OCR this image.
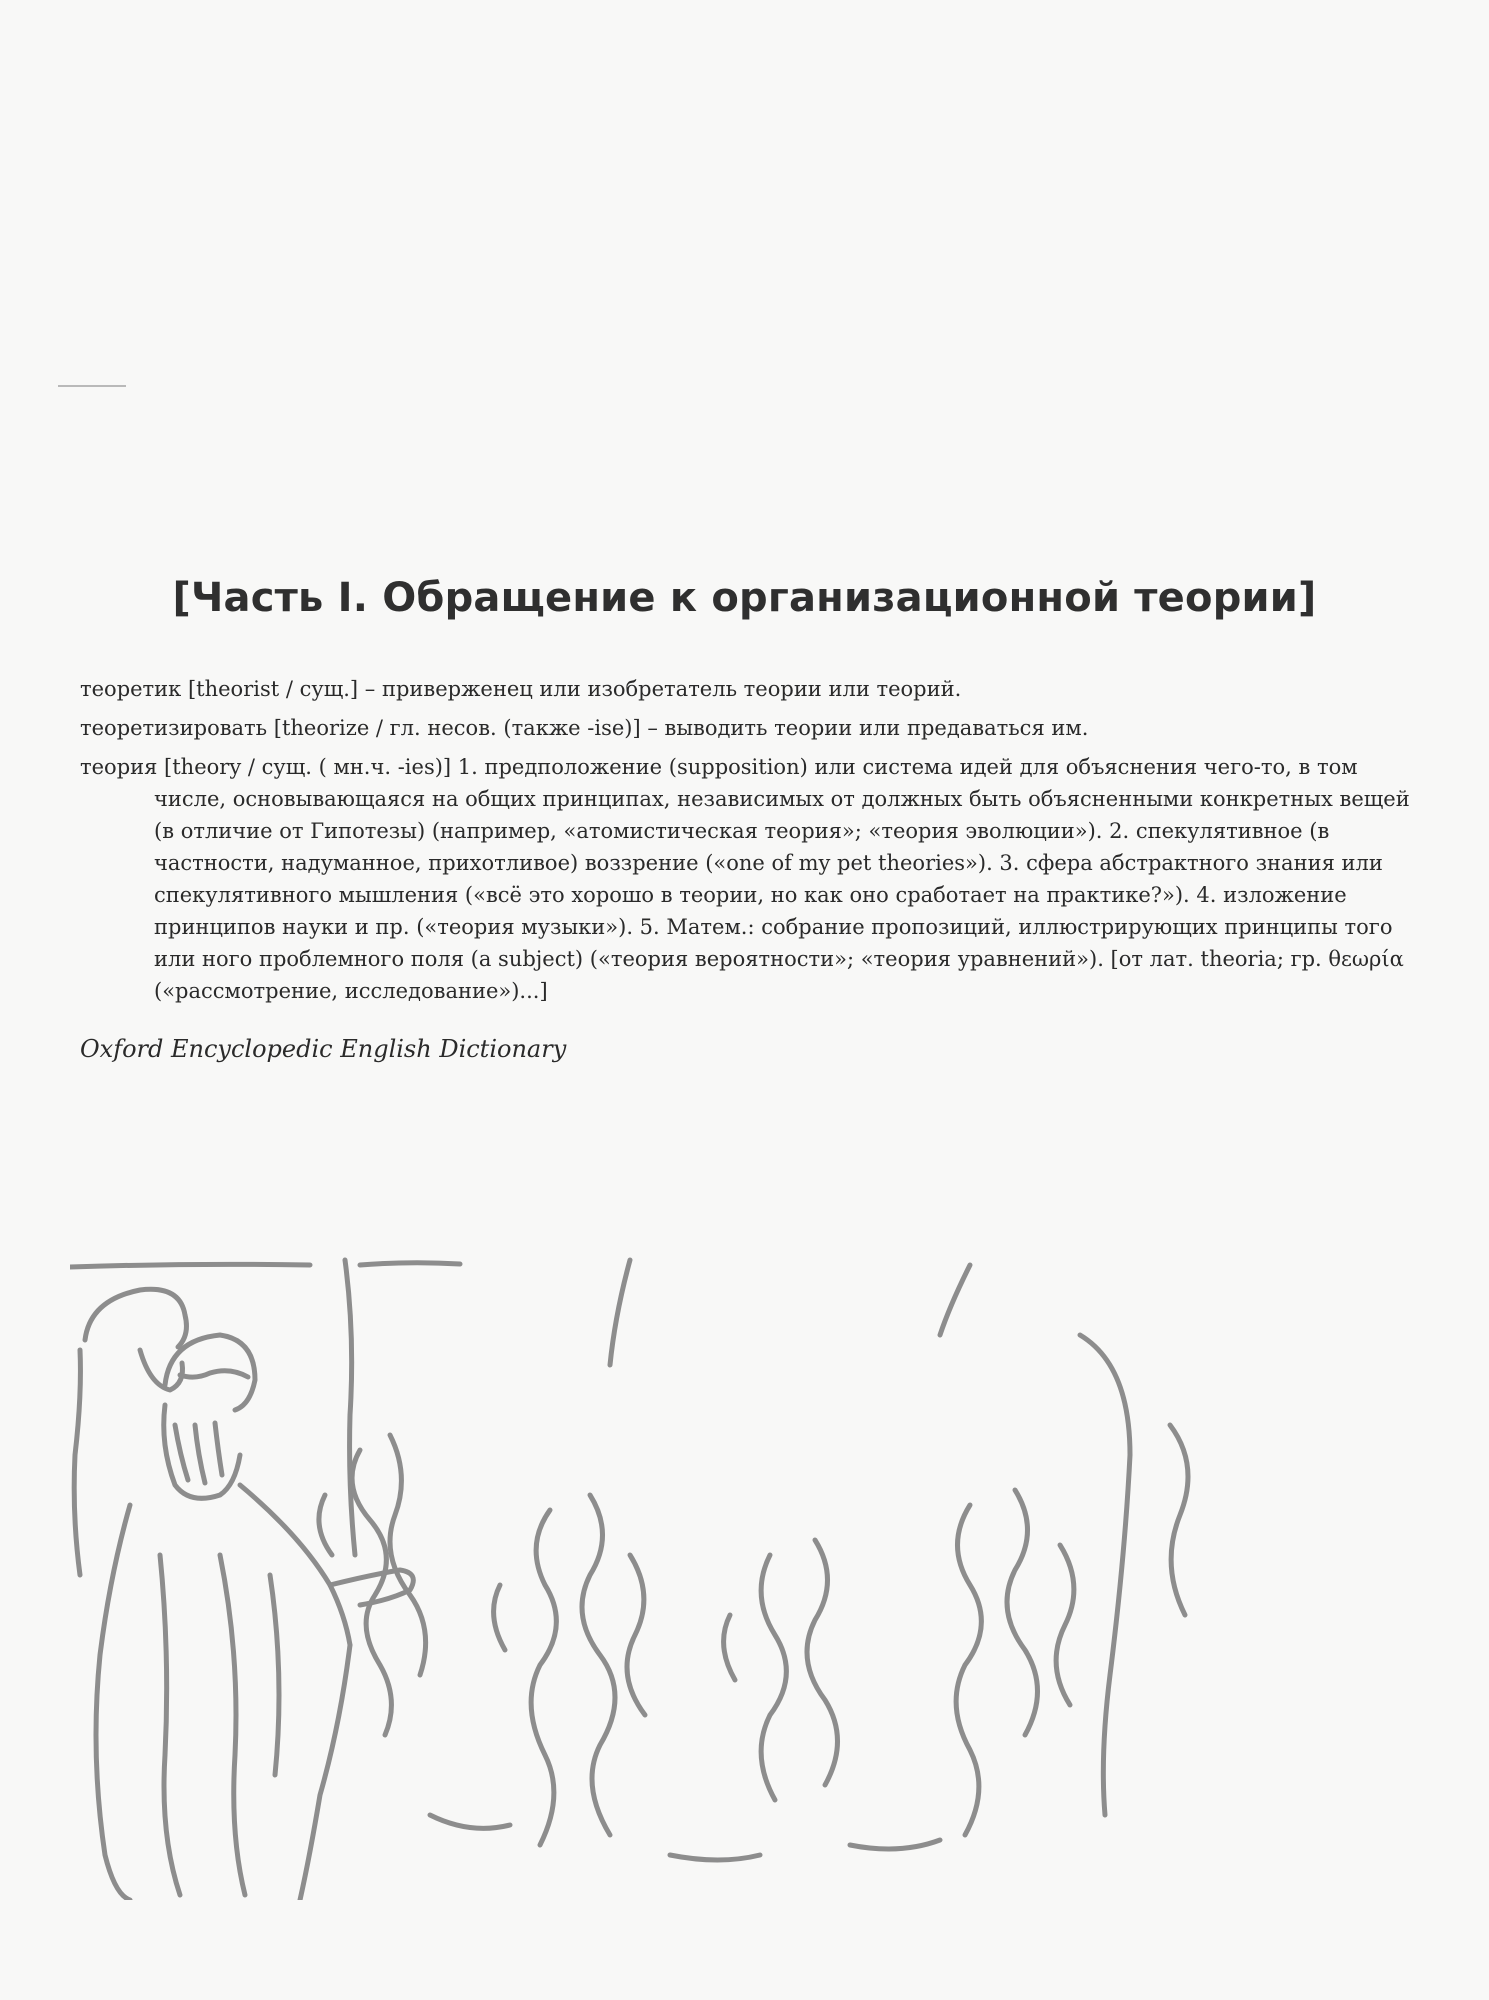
[Часть I. Обращение к организационной теории]

теоретик [theorist / сущ.] – приверженец или изобретатель теории или теорий.

теоретизировать [theorize / гл. несов. (также -ise)] – выводить теории или предаваться им.

теория [theory / сущ. ( мн.ч. -ies)] 1. предположение (supposition) или система идей для объяснения чего-то, в том числе, основывающаяся на общих принципах, независимых от должных быть объясненными конкретных вещей (в отличие от Гипотезы) (например, «атомистическая теория»; «теория эволюции»). 2. спекулятивное (в частности, надуманное, прихотливое) воззрение («one of my pet theories»). 3. сфера абстрактного знания или спекулятивного мышления («всё это хорошо в теории, но как оно сработает на практике?»). 4. изложение принципов науки и пр. («теория музыки»). 5. Матем.: собрание пропозиций, иллюстрирующих принципы того или ного проблемного поля (a subject) («теория вероятности»; «теория уравнений»). [от лат. theoria; гр. θεωρία («рассмотрение, исследование»)...]

Oxford Encyclopedic English Dictionary
